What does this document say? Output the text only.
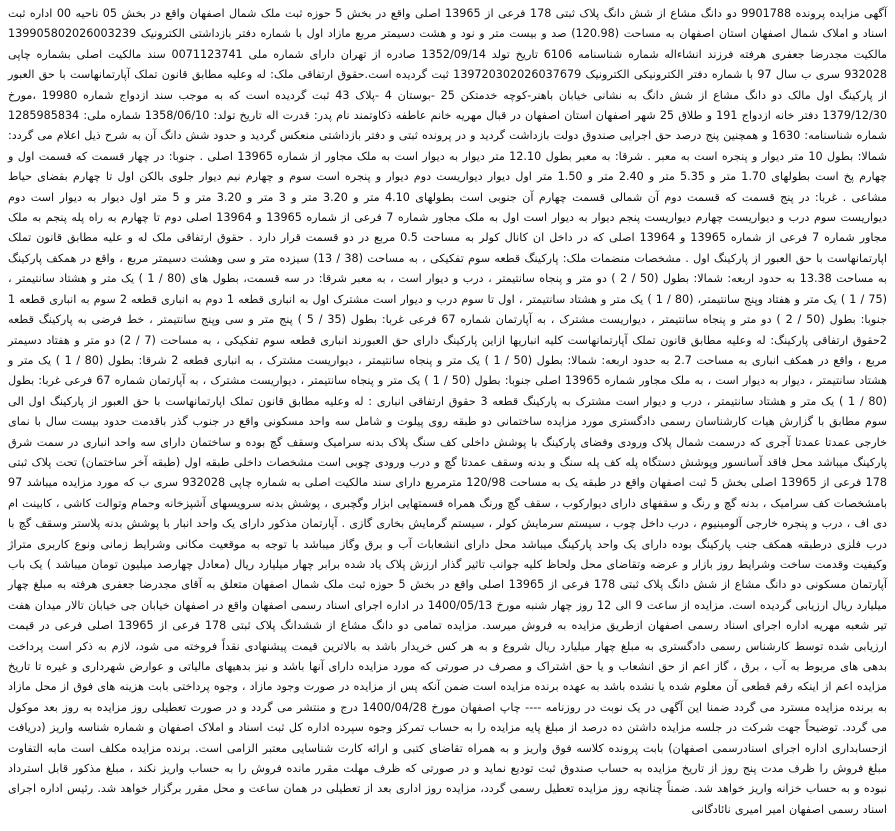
آگهی مزایده پرونده 9901788 دو دانگ مشاع از شش دانگ پلاک ثبتی 178 فرعی از 13965 اصلی واقع در بخش 5 حوزه ثبت ملک شمال اصفهان واقع در بخش 05 ناحیه 00 اداره ثبت اسناد و املاک شمال اصفهان استان اصفهان به مساحت (120.98) صد و بیست متر و نود و هشت دسیمتر مربع مازاد اول با شماره دفتر بازداشتی الکترونیک 139905802026003239 مالکیت مجدرضا جعفری هرفته فرزند انشاءاله شماره شناسنامه 6106 تاریخ تولد 1352/09/14 صادره از تهران دارای شماره ملی 0071123741 سند مالکیت اصلی بشماره چاپی 932028 سری ب سال 97 با شماره دفتر الکترونیکی الکترونیک 139720302026037679 ثبت گردیده است.حقوق ارتفاقی ملک: له وعلیه مطابق قانون تملک آپارتمانهاست با حق العبور از پارکینگ اول مالک دو دانگ مشاع از شش دانگ به نشانی خیابان باهنر-کوچه خدمتکن 25 -بوستان 4 -پلاک 43 ثبت گردیده است که به موجب سند ازدواج شماره 19980 ،مورخ 1379/12/30 دفتر خانه ازدواج 191 و طلاق 25 شهر اصفهان استان اصفهان در قبال مهریه خانم عاطفه ذکاوتمند نام پدر: قدرت اله تاریخ تولد: 1358/06/10 شماره ملی: 1285985834 شماره شناسنامه: 1630 و همچنین پنج درصد حق اجرایی صندوق دولت بازداشت گردید و در پرونده ثبتی و دفتر بازداشتی منعکس گردید و حدود شش دانگ آن به شرح ذیل اعلام می گردد: شمالا: بطول 10 متر دیوار و پنجره است به معبر . شرقا: به معبر بطول 12.10 متر دیوار به دیوار است به ملک مجاور از شماره 13965 اصلی . جنوبا: در چهار قسمت که قسمت اول و چهارم پخ است بطولهای 1.70 متر و 5.35 متر و 2.40 متر و 1.50 متر اول دیوار دیواریست دوم دیوار و پنجره است سوم و چهارم نیم دیوار جلوی بالکن اول تا چهارم بفضای حیاط مشاعی . غربا: در پنج قسمت که قسمت دوم آن شمالی قسمت چهارم آن جنوبی است بطولهای 4.10 متر و 3.20 متر و 3 متر و 3.20 متر و 5 متر اول دیوار به دیوار است دوم دیواریست سوم درب و دیواریست چهارم دیواریست پنجم دیوار به دیوار است اول به ملک مجاور شماره 7 فرعی از شماره 13965 و 13964 اصلی دوم تا چهارم به راه پله پنجم به ملک مجاور شماره 7 فرعی از شماره 13965 و 13964 اصلی که در داخل ان کانال کولر به مساحت 0.5 مربع در دو قسمت قرار دارد . حقوق ارتفاقی ملک له و علیه مطابق قانون تملک اپارتمانهاست با حق العبور از پارکینگ اول . مشخصات منضمات ملک: پارکینگ قطعه سوم تفکیکی ، به مساحت (38 / 13) سیزده متر و سی وهشت دسیمتر مربع ، واقع در همکف پارکینگ به مساحت 13.38 به حدود اربعه: شمالا: بطول (50 / 2 ) دو متر و پنجاه سانتیمتر ، درب و دیوار است ، به معبر شرقا: در سه قسمت، بطول های (80 / 1 ) یک متر و هشتاد سانتیمتر ، (75 / 1 ) یک متر و هفتاد وپنج سانتیمتر، (80 / 1 ) یک متر و هشتاد سانتیمتر ، اول تا سوم درب و دیوار است مشترک اول به انباری قطعه 1 دوم به انباری قطعه 2 سوم به انباری قطعه 1 جنوبا: بطول (50 / 2 ) دو متر و پنجاه سانتیمتر ، دیواریست مشترک ، به آپارتمان شماره 67 فرعی غربا: بطول (35 / 5 ) پنج متر و سی وپنج سانتیمتر ، خط فرضی به پارکینگ قطعه 2حقوق ارتفاقی پارکینگ: له وعلیه مطابق قانون تملک آپارتمانهاست کلیه انباریها ازاین پارکینگ دارای حق العبورند انباری قطعه سوم تفکیکی ، به مساحت (7 / 2) دو متر و هفتاد دسیمتر مربع ، واقع در همکف انباری به مساحت 2.7 به حدود اربعه: شمالا: بطول (50 / 1 ) یک متر و پنجاه سانتیمتر ، دیواریست مشترک ، به انباری قطعه 2 شرقا: بطول (80 / 1 ) یک متر و هشتاد سانتیمتر ، دیوار به دیوار است ، به ملک مجاور شماره 13965 اصلی جنوبا: بطول (50 / 1 ) یک متر و پنجاه سانتیمتر ، دیواریست مشترک ، به آپارتمان شماره 67 فرعی غربا: بطول (80 / 1 ) یک متر و هشتاد سانتیمتر ، درب و دیوار است مشترک به پارکینگ قطعه 3 حقوق ارتفاقی انباری : له وعلیه مطابق قانون تملک اپارتمانهاست با حق العبور از پارکینگ اول الی سوم مطابق با گزارش هیات کارشناسان رسمی دادگستری مورد مزایده ساختمانی دو طبقه روی پیلوت و شامل سه واحد مسکونی واقع در جنوب گذر باقدمت حدود بیست سال با نمای خارجی عمدتا عمدتا آجری که درسمت شمال پلاک ورودی وفضای پارکینگ با پوشش داخلی کف سنگ پلاک بدنه سرامیک وسقف گچ بوده و ساختمان دارای سه واحد انباری در سمت شرق پارکینگ میباشد محل فاقد آسانسور وپوشش دستگاه پله کف پله سنگ و بدنه وسقف عمدتا گچ و درب ورودی چوبی است مشخصات داخلی طبقه اول (طبقه آخر ساختمان) تحت پلاک ثبتی 178 فرعی از 13965 اصلی بخش 5 ثبت اصفهان واقع در طبقه یک به مساحت 120/98 مترمربع دارای سند مالکیت اصلی به شماره چاپی 932028 سری ب که مورد مزایده میباشد 97 بامشخصات کف سرامیک ، بدنه گچ و رنگ و سقفهای دارای دیوارکوب ، سقف گچ ورنگ همراه قسمتهایی ابزار وگچبری ، پوشش بدنه سرویسهای آشپزخانه وحمام وتوالت کاشی ، کابینت ام دی اف ، درب و پنجره خارجی آلومینیوم ، درب داخل چوب ، سیستم سرمایش کولر ، سیستم گرمایش بخاری گازی . آپارتمان مذکور دارای یک واحد انبار با پوشش بدنه پلاستر وسقف گچ با درب فلزی درطبقه همکف جنب پارکینگ بوده دارای یک واحد پارکینگ میباشد محل دارای انشعابات آب و برق وگاز میباشد با توجه به موقعیت مکانی وشرایط زمانی ونوع کاربری متراژ وکیفیت وقدمت ساخت وشرایط روز بازار و عرضه وتقاضای محل ولحاظ کلیه جوانب تاثیر گذار ارزش پلاک یاد شده برابر چهار میلیارد ریال (معادل چهارصد میلیون تومان میباشد ) یک باب آپارتمان مسکونی دو دانگ مشاع از شش دانگ پلاک ثبتی 178 فرعی از 13965 اصلی واقع در بخش 5 حوزه ثبت ملک شمال اصفهان متعلق به آقای مجدرضا جعفری هرفته به مبلغ چهار میلیارد ریال ارزیابی گردیده است. مزایده از ساعت 9 الی 12 روز چهار شنبه مورخ 1400/05/13 در اداره اجرای اسناد رسمی اصفهان واقع در اصفهان خیابان جی خیابان تالار میدان هفت تیر شعبه مهریه اداره اجرای اسناد رسمی اصفهان ازطریق مزایده به فروش میرسد. مزایده تمامی دو دانگ مشاع از ششدانگ پلاک ثبتی 178 فرعی از 13965 اصلی فرعی در قیمت ارزیابی شده توسط کارشناس رسمی دادگستری به مبلغ چهار میلیارد ریال شروع و به هر کس خریدار باشد به بالاترین قیمت پیشنهادی نقداً فروخته می شود، لازم به ذکر است پرداخت بدهی های مربوط به آب ، برق ، گاز اعم از حق انشعاب و یا حق اشتراک و مصرف در صورتی که مورد مزایده دارای آنها باشد و نیز بدهیهای مالیاتی و عوارض شهرداری و غیره تا تاریخ مزایده اعم از اینکه رقم قطعی آن معلوم شده یا نشده باشد به عهده برنده مزایده است ضمن آنکه پس از مزایده در صورت وجود مازاد ، وجوه پرداختی بابت هزینه های فوق از محل مازاد به برنده مزایده مسترد می گردد ضمنا این آگهی در یک نوبت در روزنامه ---- چاپ اصفهان مورخ 1400/04/28 درج و منتشر می گردد و در صورت تعطیلی روز مزایده به روز بعد موکول می گردد. توضیحاً جهت شرکت در جلسه مزایده داشتن ده درصد از مبلغ پایه مزایده را به حساب تمرکز وجوه سپرده اداره کل ثبت اسناد و املاک اصفهان و شماره شناسه واریز (دریافت ازحسابداری اداره اجرای اسنادرسمی اصفهان) بابت پرونده کلاسه فوق واریز و به همراه تقاضای کتبی و ارائه کارت شناسایی معتبر الزامی است. برنده مزایده مکلف است مابه التفاوت مبلغ فروش را ظرف مدت پنج روز از تاریخ مزایده به حساب صندوق ثبت تودیع نماید و در صورتی که ظرف مهلت مقرر مانده فروش را به حساب واریز نکند ، مبلغ مذکور قابل استرداد نبوده و به حساب خزانه واریز خواهد شد. ضمناً چنانچه روز مزایده تعطیل رسمی گردد، مزایده روز اداری بعد از تعطیلی در همان ساعت و محل مقرر برگزار خواهد شد. رئیس اداره اجرای اسناد رسمی اصفهان امیر امیری نائادگانی
